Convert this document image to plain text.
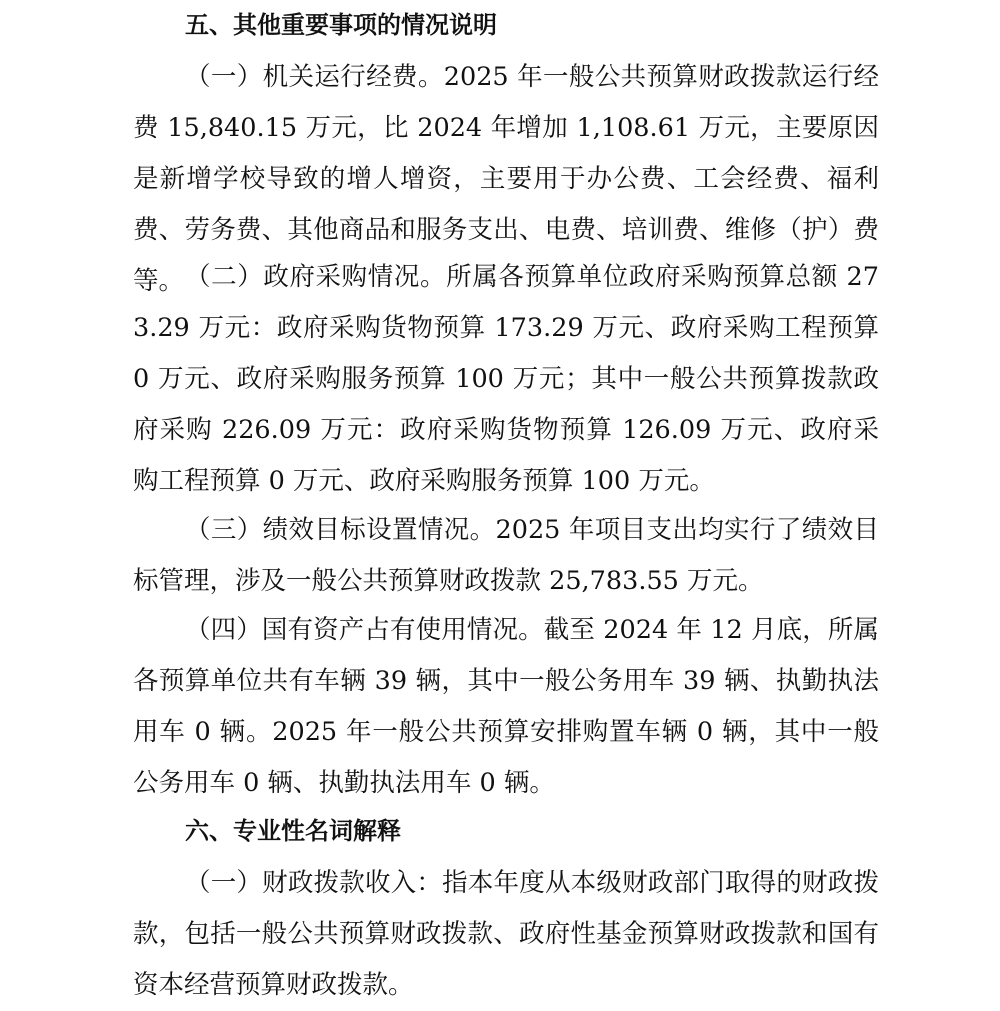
五、其他重要事项的情况说明

（一）机关运行经费。2025 年一般公共预算财政拨款运行经费 15,840.15 万元，比 2024 年增加 1,108.61 万元，主要原因是新增学校导致的增人增资，主要用于办公费、工会经费、福利费、劳务费、其他商品和服务支出、电费、培训费、维修（护）费等。 （二）政府采购情况。所属各预算单位政府采购预算总额 273.29 万元：政府采购货物预算 173.29 万元、政府采购工程预算 0 万元、政府采购服务预算 100 万元；其中一般公共预算拨款政府采购 226.09 万元：政府采购货物预算 126.09 万元、政府采购工程预算 0 万元、政府采购服务预算 100 万元。

（三）绩效目标设置情况。2025 年项目支出均实行了绩效目标管理，涉及一般公共预算财政拨款 25,783.55 万元。

（四）国有资产占有使用情况。截至 2024 年 12 月底，所属各预算单位共有车辆 39 辆，其中一般公务用车 39 辆、执勤执法用车 0 辆。2025 年一般公共预算安排购置车辆 0 辆，其中一般公务用车 0 辆、执勤执法用车 0 辆。

六、专业性名词解释

（一）财政拨款收入：指本年度从本级财政部门取得的财政拨款，包括一般公共预算财政拨款、政府性基金预算财政拨款和国有资本经营预算财政拨款。
